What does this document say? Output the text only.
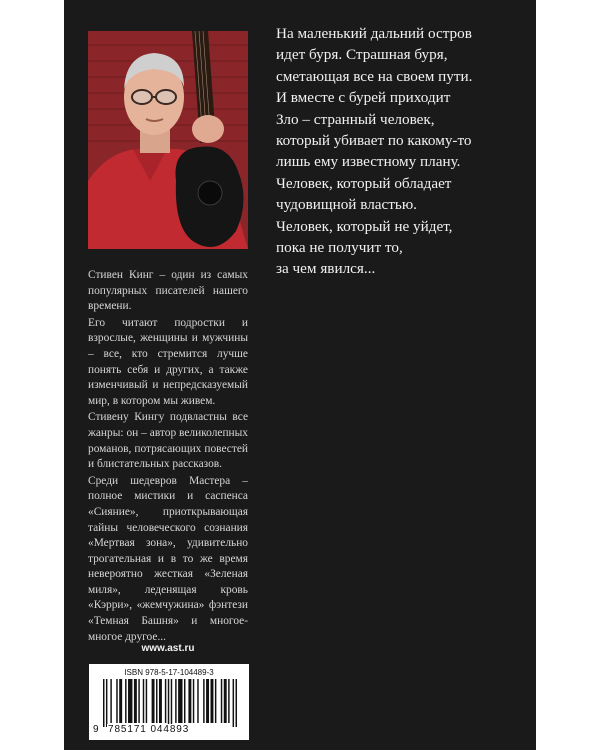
На маленький дальний остров

идет буря. Страшная буря,

сметающая все на своем пути.

И вместе с бурей приходит

Зло – странный человек,

который убивает по какому-то

лишь ему известному плану.

Человек, который обладает

чудовищной властью.

Человек, который не уйдет,

пока не получит то,

за чем явился...

Стивен Кинг – один из самых популярных писателей нашего времени.

Его читают подростки и взрослые, женщины и мужчины – все, кто стремится лучше понять себя и других, а также изменчивый и непредсказуемый мир, в котором мы живем.

Стивену Кингу подвластны все жанры: он – автор великолепных романов, потрясающих повестей и блистательных рассказов.

Среди шедевров Мастера – полное мистики и саспенса «Сияние», приоткрывающая тайны человеческого сознания «Мертвая зона», удивительно трогательная и в то же время невероятно жесткая «Зеленая миля», леденящая кровь «Кэрри», «жемчужина» фэнтези «Темная Башня» и многое-многое другое...

www.ast.ru
ISBN 978-5-17-104489-3
9 785171 044893
